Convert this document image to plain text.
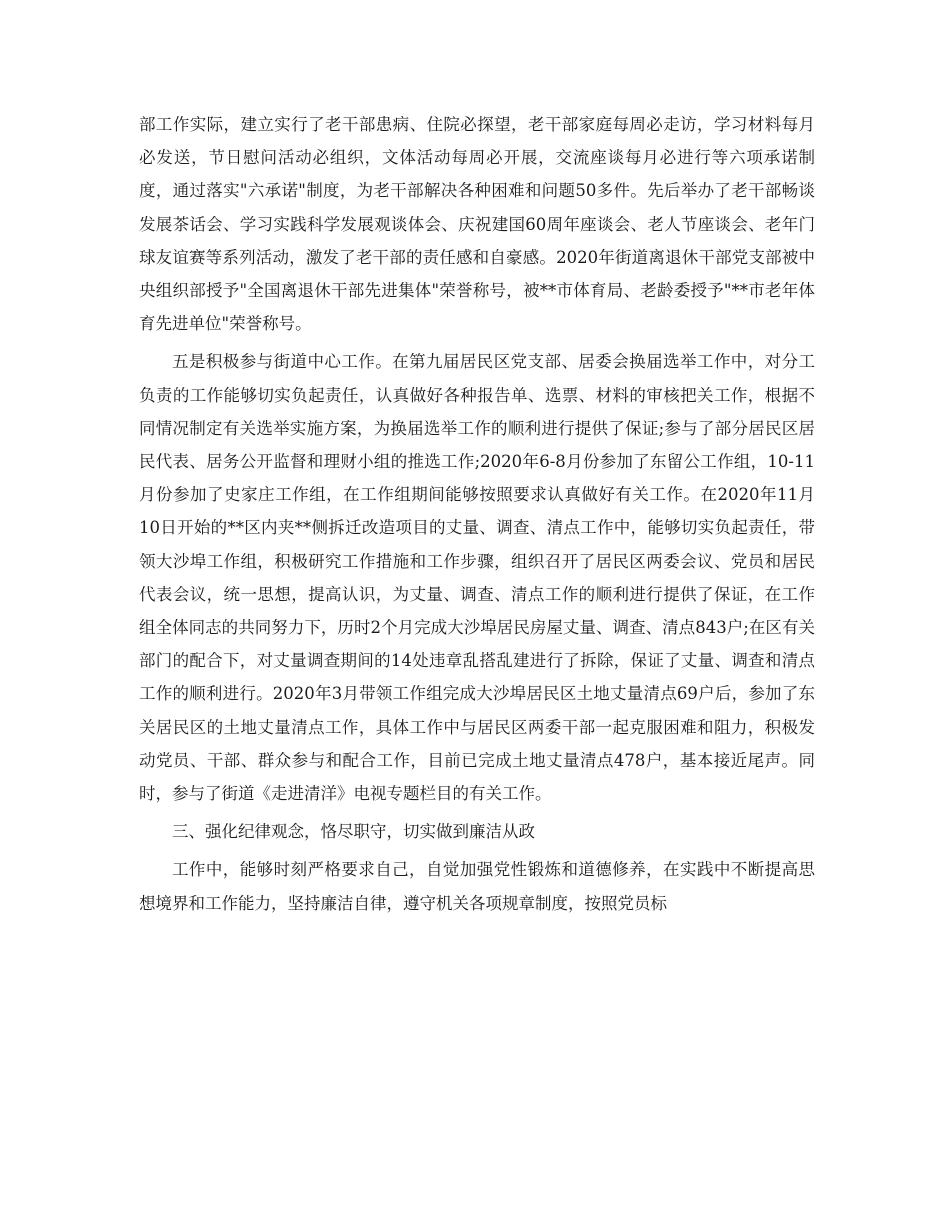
部工作实际，建立实行了老干部患病、住院必探望，老干部家庭每周必走访，学习材料每月必发送，节日慰问活动必组织，文体活动每周必开展，交流座谈每月必进行等六项承诺制度，通过落实"六承诺"制度，为老干部解决各种困难和问题50多件。先后举办了老干部畅谈发展茶话会、学习实践科学发展观谈体会、庆祝建国60周年座谈会、老人节座谈会、老年门球友谊赛等系列活动，激发了老干部的责任感和自豪感。2020年街道离退休干部党支部被中央组织部授予"全国离退休干部先进集体"荣誉称号，被**市体育局、老龄委授予"**市老年体育先进单位"荣誉称号。

五是积极参与街道中心工作。在第九届居民区党支部、居委会换届选举工作中，对分工负责的工作能够切实负起责任，认真做好各种报告单、选票、材料的审核把关工作，根据不同情况制定有关选举实施方案，为换届选举工作的顺利进行提供了保证;参与了部分居民区居民代表、居务公开监督和理财小组的推选工作;2020年6-8月份参加了东留公工作组，10-11月份参加了史家庄工作组，在工作组期间能够按照要求认真做好有关工作。在2020年11月10日开始的**区内夹**侧拆迁改造项目的丈量、调查、清点工作中，能够切实负起责任，带领大沙埠工作组，积极研究工作措施和工作步骤，组织召开了居民区两委会议、党员和居民代表会议，统一思想，提高认识，为丈量、调查、清点工作的顺利进行提供了保证，在工作组全体同志的共同努力下，历时2个月完成大沙埠居民房屋丈量、调查、清点843户;在区有关部门的配合下，对丈量调查期间的14处违章乱搭乱建进行了拆除，保证了丈量、调查和清点工作的顺利进行。2020年3月带领工作组完成大沙埠居民区土地丈量清点69户后，参加了东关居民区的土地丈量清点工作，具体工作中与居民区两委干部一起克服困难和阻力，积极发动党员、干部、群众参与和配合工作，目前已完成土地丈量清点478户，基本接近尾声。同时，参与了街道《走进清洋》电视专题栏目的有关工作。

三、强化纪律观念，恪尽职守，切实做到廉洁从政

工作中，能够时刻严格要求自己，自觉加强党性锻炼和道德修养，在实践中不断提高思想境界和工作能力，坚持廉洁自律，遵守机关各项规章制度，按照党员标
